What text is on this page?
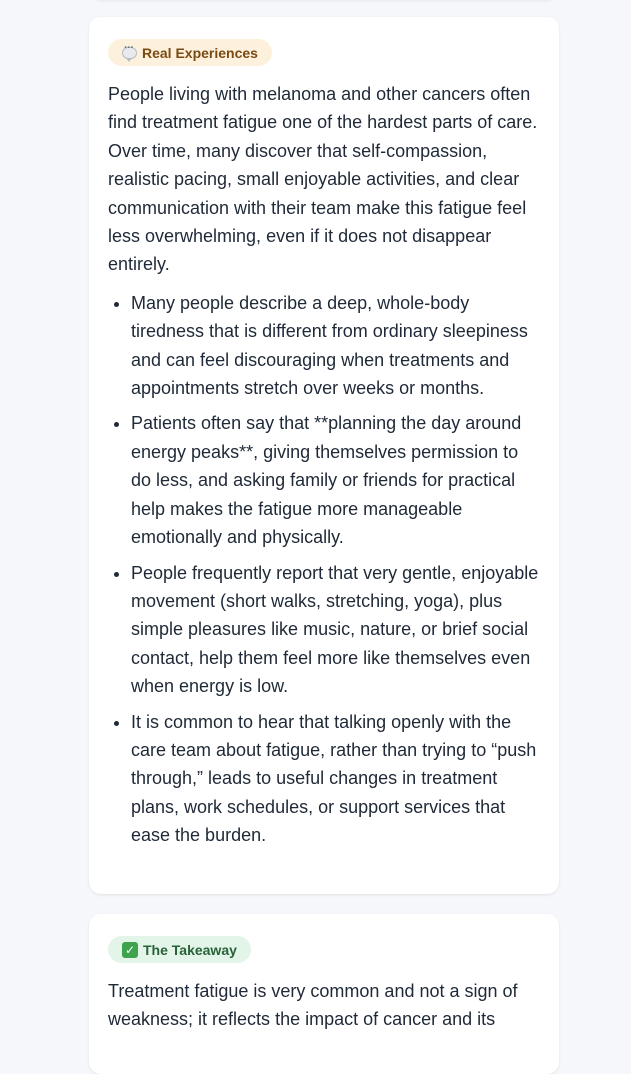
···
Real Experiences

People living with melanoma and other cancers often find treatment fatigue one of the hardest parts of care. Over time, many discover that self-compassion, realistic pacing, small enjoyable activities, and clear communication with their team make this fatigue feel less overwhelming, even if it does not disappear entirely.

• Many people describe a deep, whole-body tiredness that is different from ordinary sleepiness and can feel discouraging when treatments and appointments stretch over weeks or months.
• Patients often say that **planning the day around energy peaks**, giving themselves permission to do less, and asking family or friends for practical help makes the fatigue more manageable emotionally and physically.
• People frequently report that very gentle, enjoyable movement (short walks, stretching, yoga), plus simple pleasures like music, nature, or brief social contact, help them feel more like themselves even when energy is low.
• It is common to hear that talking openly with the care team about fatigue, rather than trying to “push through,” leads to useful changes in treatment plans, work schedules, or support services that ease the burden.
✓ The Takeaway

Treatment fatigue is very common and not a sign of weakness; it reflects the impact of cancer and its
